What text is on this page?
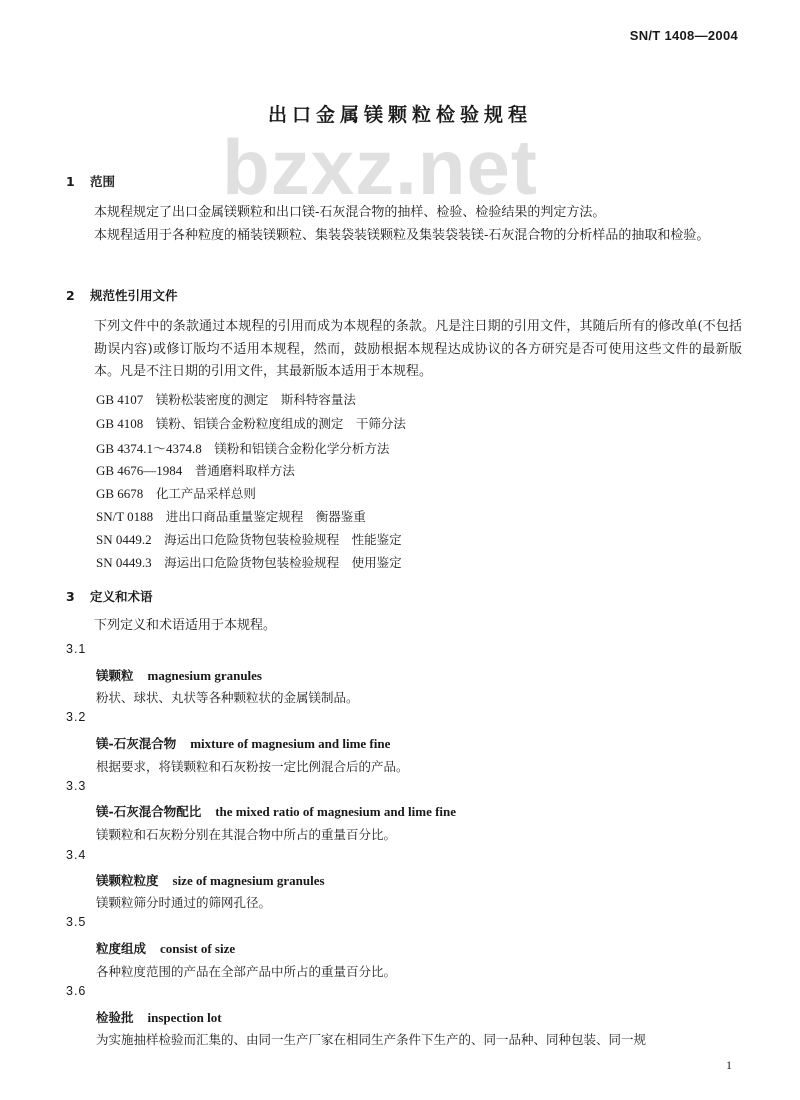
SN/T 1408—2004
出口金属镁颗粒检验规程
bzxz.net
1 范围
本规程规定了出口金属镁颗粒和出口镁-石灰混合物的抽样、检验、检验结果的判定方法。
本规程适用于各种粒度的桶装镁颗粒、集装袋装镁颗粒及集装袋装镁-石灰混合物的分析样品的抽取和检验。
2 规范性引用文件
下列文件中的条款通过本规程的引用而成为本规程的条款。凡是注日期的引用文件，其随后所有的修改单(不包括勘误内容)或修订版均不适用本规程，然而，鼓励根据本规程达成协议的各方研究是否可使用这些文件的最新版本。凡是不注日期的引用文件，其最新版本适用于本规程。
GB 4107　 镁粉松装密度的测定　斯科特容量法
GB 4108　 镁粉、铝镁合金粉粒度组成的测定　干筛分法
GB 4374.1～4374.8　 镁粉和铝镁合金粉化学分析方法
GB 4676—1984　 普通磨料取样方法
GB 6678　 化工产品采样总则
SN/T 0188　 进出口商品重量鉴定规程　衡器鉴重
SN 0449.2　 海运出口危险货物包装检验规程　性能鉴定
SN 0449.3　 海运出口危险货物包装检验规程　使用鉴定
3 定义和术语
下列定义和术语适用于本规程。
3.1
镁颗粒 magnesium granules
粉状、球状、丸状等各种颗粒状的金属镁制品。
3.2
镁-石灰混合物 mixture of magnesium and lime fine
根据要求，将镁颗粒和石灰粉按一定比例混合后的产品。
3.3
镁-石灰混合物配比 the mixed ratio of magnesium and lime fine
镁颗粒和石灰粉分别在其混合物中所占的重量百分比。
3.4
镁颗粒粒度 size of magnesium granules
镁颗粒筛分时通过的筛网孔径。
3.5
粒度组成 consist of size
各种粒度范围的产品在全部产品中所占的重量百分比。
3.6
检验批 inspection lot
为实施抽样检验而汇集的、由同一生产厂家在相同生产条件下生产的、同一品种、同种包装、同一规
1
